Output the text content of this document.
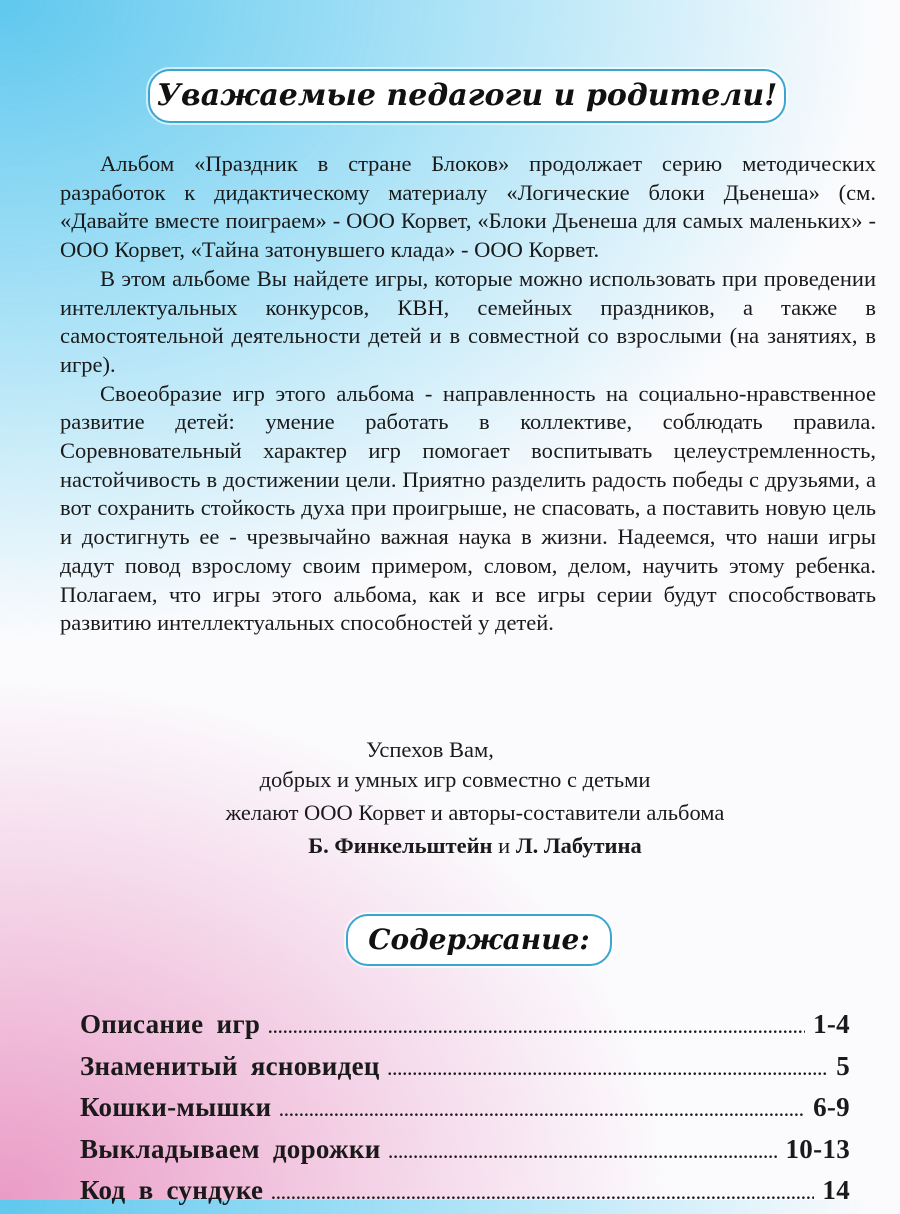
Уважаемые педагоги и родители!

Альбом «Праздник в стране Блоков» продолжает серию методических разработок к дидактическому материалу «Логические блоки Дьенеша» (см. «Давайте вместе поиграем» - ООО Корвет, «Блоки Дьенеша для самых маленьких» - ООО Корвет, «Тайна затонувшего клада» - ООО Корвет.

В этом альбоме Вы найдете игры, которые можно использовать при проведении интеллектуальных конкурсов, КВН, семейных праздников, а также в самостоятельной деятельности детей и в совместной со взрослыми (на занятиях, в игре).

Своеобразие игр этого альбома - направленность на социально-нравственное развитие детей: умение работать в коллективе, соблюдать правила. Соревновательный характер игр помогает воспитывать целеустремленность, настойчивость в достижении цели. Приятно разделить радость победы с друзьями, а вот сохранить стойкость духа при проигрыше, не спасовать, а поставить новую цель и достигнуть ее - чрезвычайно важная наука в жизни. Надеемся, что наши игры дадут повод взрослому своим примером, словом, делом, научить этому ребенка. Полагаем, что игры этого альбома, как и все игры серии будут способствовать развитию интеллектуальных способностей у детей.

Успехов Вам,
добрых и умных игр совместно с детьми
желают ООО Корвет и авторы-составители альбома
Б. Финкельштейн и Л. Лабутина
Содержание:
Описание игр .....	1-4
Знаменитый ясновидец .....	5
Кошки-мышки .....	6-9
Выкладываем дорожки .....	10-13
Код в сундуке .....	14
